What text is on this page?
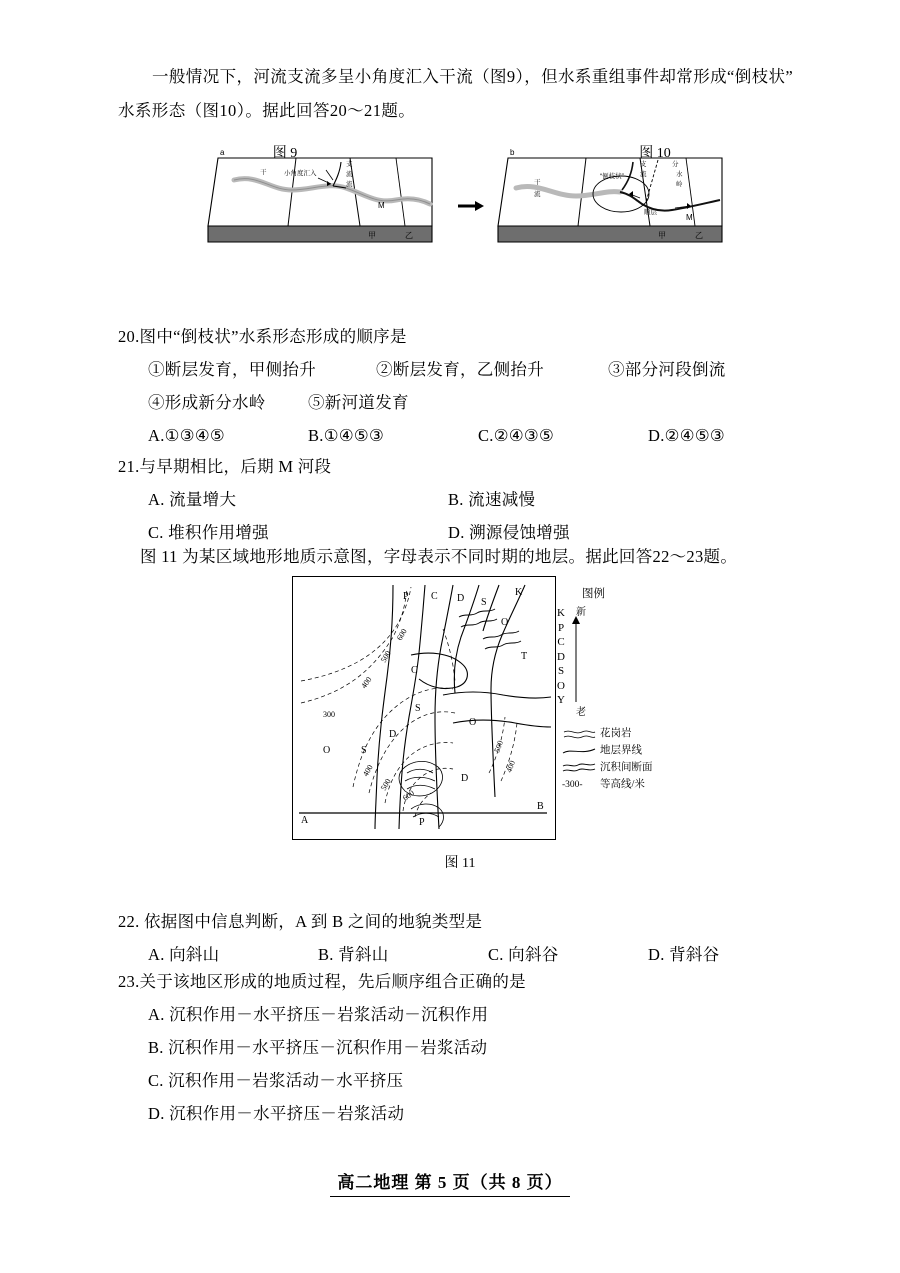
一般情况下，河流支流多呈小角度汇入干流（图9），但水系重组事件却常形成“倒枝状”
水系形态（图10）。据此回答20～21题。
a
小角度汇入
支
流
流
干
M
甲	乙
b
“倒枝状”
支
流
分
水
岭
干
流
顺层
M
甲	乙
图 9	图 10
20.图中“倒枝状”水系形态形成的顺序是
①断层发育，甲侧抬升	②断层发育，乙侧抬升	③部分河段倒流
④形成新分水岭	⑤新河道发育
A.①③④⑤	B.①④⑤③	C.②④③⑤	D.②④⑤③
21.与早期相比，后期 M 河段
A. 流量增大	B. 流速减慢
C. 堆积作用增强	D. 溯源侵蚀增强
图 11 为某区域地形地质示意图，字母表示不同时期的地层。据此回答22～23题。
600
500
400
300
400
500
600
500
400
P C D S
K
O
C
T
S
D
O
O	S
D
P
A
B
图例
K
P
C
D
S
O
Y
新
老
花岗岩
地层界线
沉积间断面
-300-	等高线/米
图 11
22. 依据图中信息判断，A 到 B 之间的地貌类型是
A. 向斜山	B. 背斜山	C. 向斜谷	D. 背斜谷
23.关于该地区形成的地质过程，先后顺序组合正确的是
A. 沉积作用－水平挤压－岩浆活动－沉积作用
B. 沉积作用－水平挤压－沉积作用－岩浆活动
C. 沉积作用－岩浆活动－水平挤压
D. 沉积作用－水平挤压－岩浆活动
高二地理 第 5 页（共 8 页）
